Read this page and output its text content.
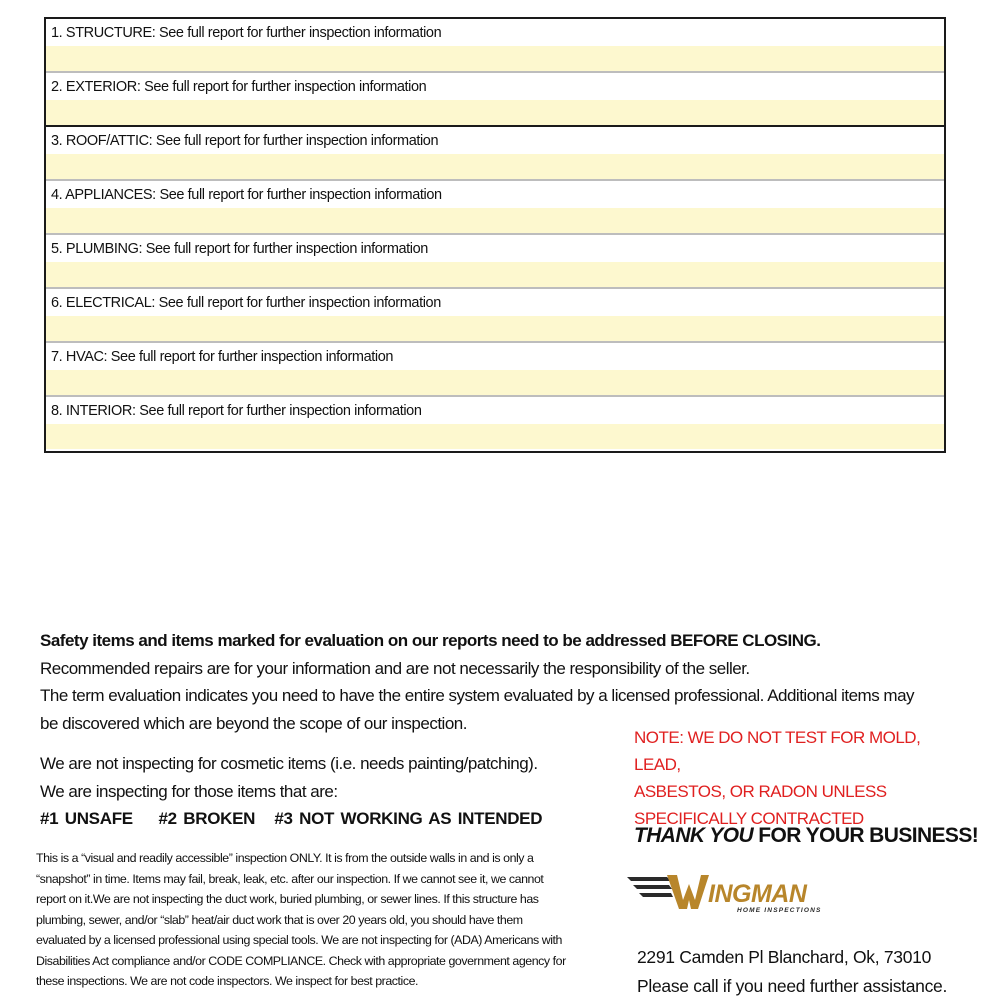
1. STRUCTURE: See full report for further inspection information
2. EXTERIOR: See full report for further inspection information
3. ROOF/ATTIC: See full report for further inspection information
4. APPLIANCES: See full report for further inspection information
5. PLUMBING: See full report for further inspection information
6. ELECTRICAL: See full report for further inspection information
7. HVAC: See full report for further inspection information
8. INTERIOR: See full report for further inspection information

Safety items and items marked for evaluation on our reports need to be addressed BEFORE CLOSING.

Recommended repairs are for your information and are not necessarily the responsibility of the seller.

The term evaluation indicates you need to have the entire system evaluated by a licensed professional. Additional items may

be discovered which are beyond the scope of our inspection.

We are not inspecting for cosmetic items (i.e. needs painting/patching).

We are inspecting for those items that are:

#1 UNSAFE    #2 BROKEN   #3 NOT WORKING AS INTENDED

This is a “visual and readily accessible” inspection ONLY. It is from the outside walls in and is only a
“snapshot” in time. Items may fail, break, leak, etc. after our inspection. If we cannot see it, we cannot
report on it.We are not inspecting the duct work, buried plumbing, or sewer lines. If this structure has
plumbing, sewer, and/or “slab” heat/air duct work that is over 20 years old, you should have them
evaluated by a licensed professional using special tools. We are not inspecting for (ADA) Americans with
Disabilities Act compliance and/or CODE COMPLIANCE. Check with appropriate government agency for
these inspections. We are not code inspectors. We inspect for best practice.
NOTE: WE DO NOT TEST FOR MOLD, LEAD,
ASBESTOS, OR RADON UNLESS
SPECIFICALLY CONTRACTED
THANK YOU FOR YOUR BUSINESS!
INGMAN
HOME INSPECTIONS
2291 Camden Pl Blanchard, Ok, 73010
Please call if you need further assistance.
